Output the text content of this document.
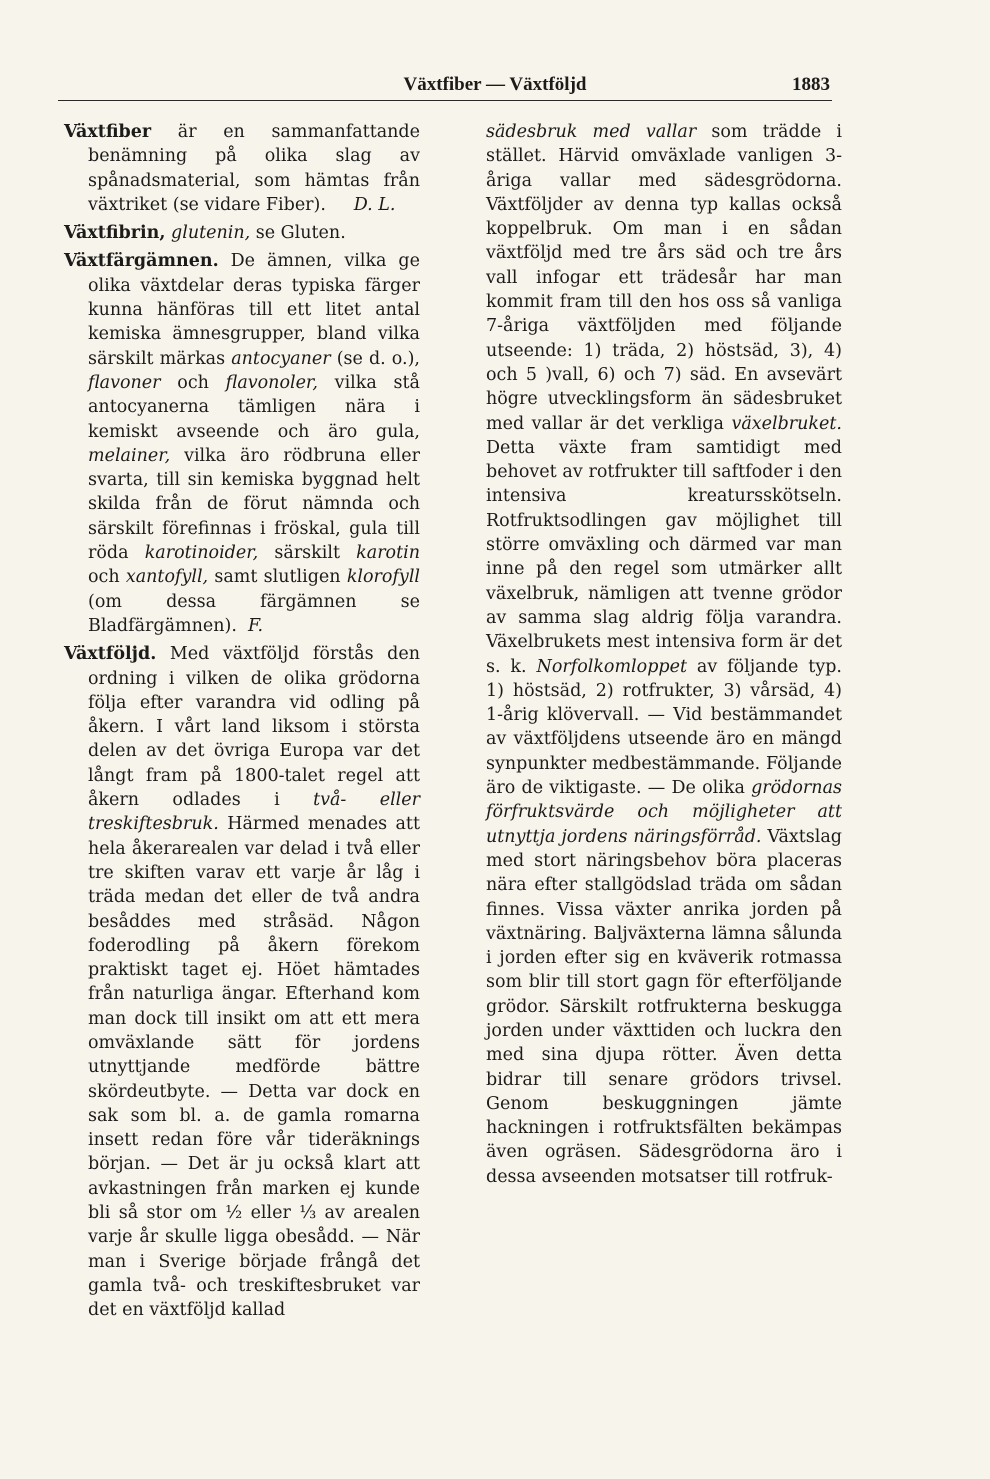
Växtfiber — Växtföljd	1883

Växtfiber är en sammanfattande benämning på olika slag av spånadsmaterial, som hämtas från växtriket (se vidare Fiber). D. L.

Växtfibrin, glutenin, se Gluten.

Växtfärgämnen. De ämnen, vilka ge olika växtdelar deras typiska färger kunna hänföras till ett litet antal kemiska ämnesgrupper, bland vilka särskilt märkas antocyaner (se d. o.), flavoner och flavonoler, vilka stå antocyanerna tämligen nära i kemiskt avseende och äro gula, melainer, vilka äro rödbruna eller svarta, till sin kemiska byggnad helt skilda från de förut nämnda och särskilt förefinnas i fröskal, gula till röda karotinoider, särskilt karotin och xantofyll, samt slutligen klorofyll (om dessa färgämnen se Bladfärgämnen). F.

Växtföljd. Med växtföljd förstås den ordning i vilken de olika grödorna följa efter varandra vid odling på åkern. I vårt land liksom i största delen av det övriga Europa var det långt fram på 1800-talet regel att åkern odlades i två- eller treskiftesbruk. Härmed menades att hela åkerarealen var delad i två eller tre skiften varav ett varje år låg i träda medan det eller de två andra besåddes med stråsäd. Någon foderodling på åkern förekom praktiskt taget ej. Höet hämtades från naturliga ängar. Efterhand kom man dock till insikt om att ett mera omväxlande sätt för jordens utnyttjande medförde bättre skördeutbyte. — Detta var dock en sak som bl. a. de gamla romarna insett redan före vår tideräknings början. — Det är ju också klart att avkastningen från marken ej kunde bli så stor om ½ eller ⅓ av arealen varje år skulle ligga obesådd. — När man i Sverige började frångå det gamla två- och treskiftesbruket var det en växtföljd kallad

sädesbruk med vallar som trädde i stället. Härvid omväxlade vanligen 3-åriga vallar med sädesgrödorna. Växtföljder av denna typ kallas också koppelbruk. Om man i en sådan växtföljd med tre års säd och tre års vall infogar ett trädesår har man kommit fram till den hos oss så vanliga 7-åriga växtföljden med följande utseende: 1) träda, 2) höstsäd, 3), 4) och 5 )vall, 6) och 7) säd. En avsevärt högre utvecklingsform än sädesbruket med vallar är det verkliga växelbruket. Detta växte fram samtidigt med behovet av rotfrukter till saftfoder i den intensiva kreatursskötseln. Rotfruktsodlingen gav möjlighet till större omväxling och därmed var man inne på den regel som utmärker allt växelbruk, nämligen att tvenne grödor av samma slag aldrig följa varandra. Växelbrukets mest intensiva form är det s. k. Norfolkomloppet av följande typ. 1) höstsäd, 2) rotfrukter, 3) vårsäd, 4) 1-årig klövervall. — Vid bestämmandet av växtföljdens utseende äro en mängd synpunkter medbestämmande. Följande äro de viktigaste. — De olika grödornas förfruktsvärde och möjligheter att utnyttja jordens näringsförråd. Växtslag med stort näringsbehov böra placeras nära efter stallgödslad träda om sådan finnes. Vissa växter anrika jorden på växtnäring. Baljväxterna lämna sålunda i jorden efter sig en kväverik rotmassa som blir till stort gagn för efterföljande grödor. Särskilt rotfrukterna beskugga jorden under växttiden och luckra den med sina djupa rötter. Även detta bidrar till senare grödors trivsel. Genom beskuggningen jämte hackningen i rotfruktsfälten bekämpas även ogräsen. Sädesgrödorna äro i dessa avseenden motsatser till rotfruk-
